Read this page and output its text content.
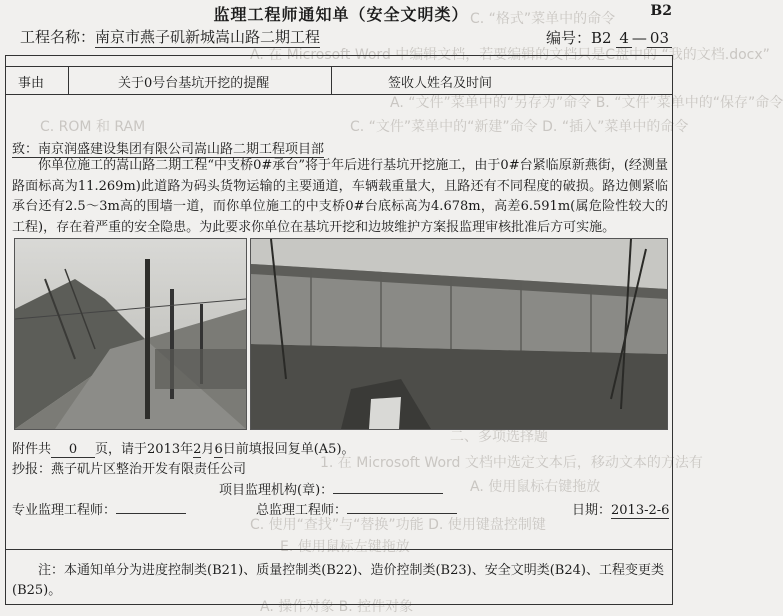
C. “格式”菜单中的命令
A. 在 Microsoft Word 中编辑文档，若要编辑的文档只是C盘中的 “我的文档.docx”
A. “文件”菜单中的“另存为”命令 B. “文件”菜单中的“保存”命令
C. “文件”菜单中的“新建”命令 D. “插入”菜单中的命令
C. ROM 和 RAM
二、多项选择题
1. 在 Microsoft Word 文档中选定文本后，移动文本的方法有
A. 使用鼠标右键拖放
C. 使用“查找”与“替换”功能 D. 使用键盘控制键
E. 使用鼠标左键拖放
A. 操作对象 B. 控件对象
监理工程师通知单（安全文明类）	B2
工程名称：南京市燕子矶新城嵩山路二期工程	编号：B2 4 — 03
事由	关于0号台基坑开挖的提醒	签收人姓名及时间
致：南京润盛建设集团有限公司嵩山路二期工程项目部
你单位施工的嵩山路二期工程“中支桥0#承台”将于年后进行基坑开挖施工，由于0#台紧临原新燕街，(经测量路面标高为11.269m)此道路为码头货物运输的主要通道，车辆载重量大，且路还有不同程度的破损。路边侧紧临承台还有2.5～3m高的围墙一道，而你单位施工的中支桥0#台底标高为4.678m，高差6.591m(属危险性较大的工程)，存在着严重的安全隐患。为此要求你单位在基坑开挖和边坡维护方案报监理审核批准后方可实施。
附件共 0 页，请于2013年2月6日前填报回复单(A5)。
抄报：燕子矶片区整治开发有限责任公司
项目监理机构(章)：
专业监理工程师：	总监理工程师：	日期：2013-2-6
注：本通知单分为进度控制类(B21)、质量控制类(B22)、造价控制类(B23)、安全文明类(B24)、工程变更类(B25)。
